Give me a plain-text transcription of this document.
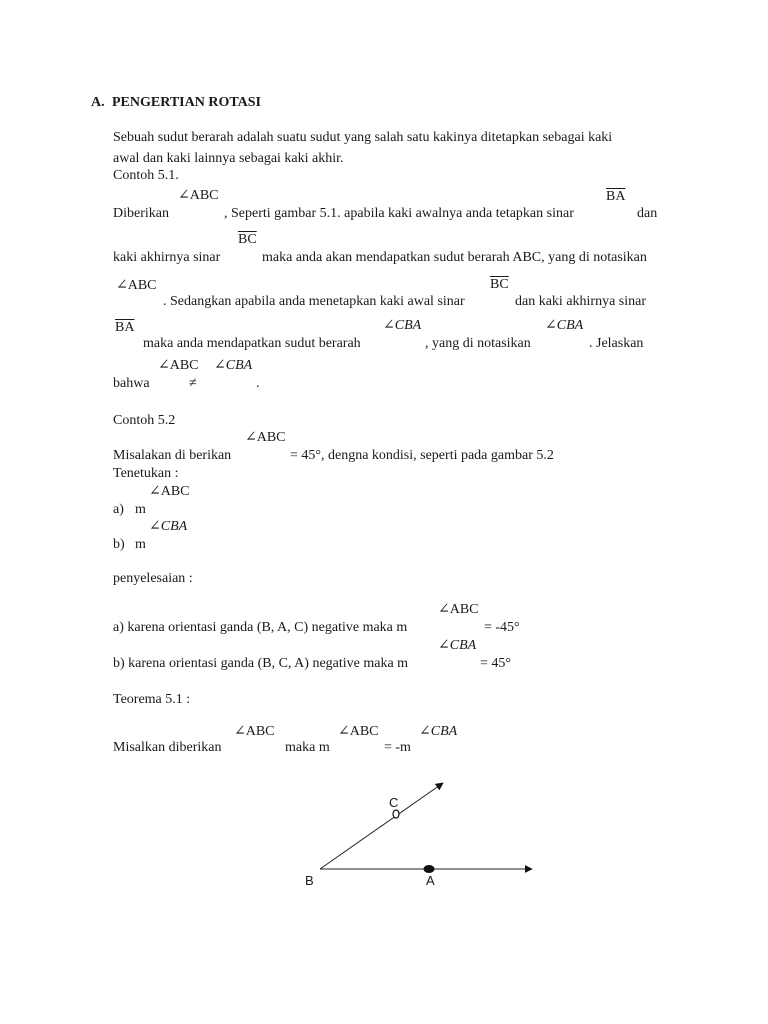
A. PENGERTIAN ROTASI
Sebuah sudut berarah adalah suatu sudut yang salah satu kakinya ditetapkan sebagai kaki
awal dan kaki lainnya sebagai kaki akhir.
Contoh 5.1.
∠ABC	$\overline{BA}$
Diberikan	, Seperti gambar 5.1. apabila kaki awalnya anda tetapkan sinar	dan
$\overline{BC}$
kaki akhirnya sinar	maka anda akan mendapatkan sudut berarah ABC, yang di notasikan
∠ABC	$\overline{BC}$
. Sedangkan apabila anda menetapkan kaki awal sinar	dan kaki akhirnya sinar
$\overline{BA}$	∠CBA	∠CBA
maka anda mendapatkan sudut berarah	, yang di notasikan	. Jelaskan
∠ABC ∠CBA
bahwa	≠	.
Contoh 5.2
∠ABC
Misalakan di berikan	= 45°, dengna kondisi, seperti pada gambar 5.2
Tenetukan :
∠ABC
a) m
∠CBA
b) m
penyelesaian :
∠ABC
a) karena orientasi ganda (B, A, C) negative maka m	= -45°
∠CBA
b) karena orientasi ganda (B, C, A) negative maka m	= 45°
Teorema 5.1 :
∠ABC	∠ABC	∠CBA
Misalkan diberikan	maka m	= -m
C
B	A
